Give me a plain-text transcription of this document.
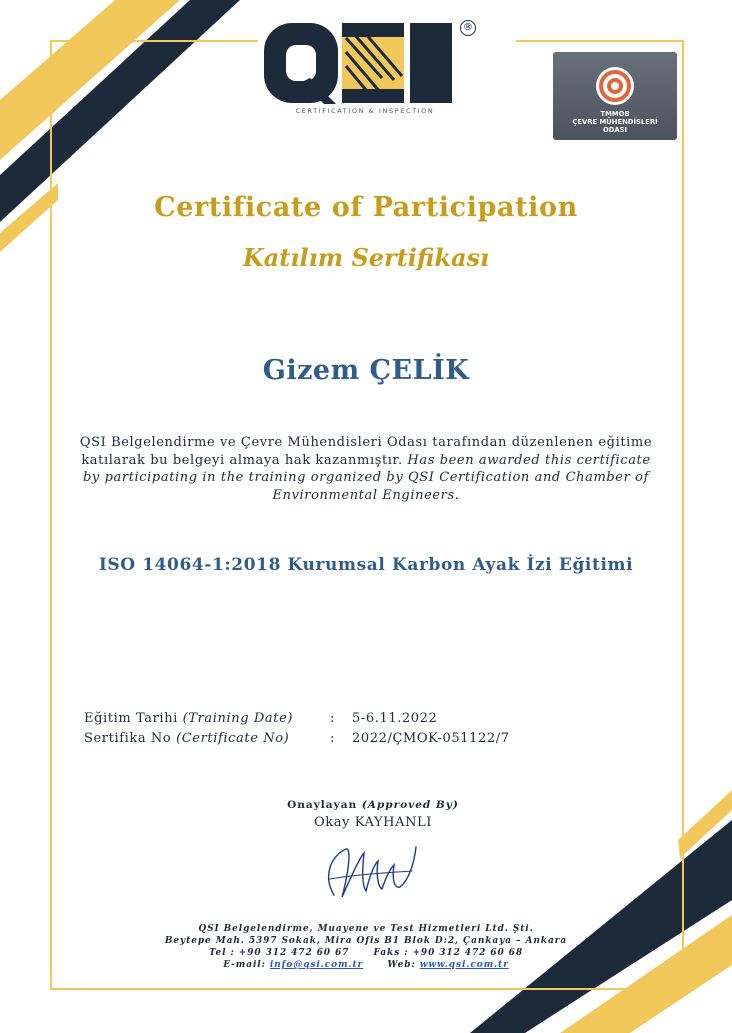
®
CERTIFICATION & INSPECTION	TMMOB
ÇEVRE MÜHENDİSLERİ
ODASI
Certificate of Participation
Katılım Sertifikası
Gizem ÇELİK
QSI Belgelendirme ve Çevre Mühendisleri Odası tarafından düzenlenen eğitime katılarak bu belgeyi almaya hak kazanmıştır. Has been awarded this certificate by participating in the training organized by QSI Certification and Chamber of Environmental Engineers.
ISO 14064-1:2018 Kurumsal Karbon Ayak İzi Eğitimi
Eğitim Tarihi (Training Date)	: 5-6.11.2022
Sertifika No (Certificate No)	: 2022/ÇMOK-051122/7
Onaylayan (Approved By)
Okay KAYHANLI
QSI Belgelendirme, Muayene ve Test Hizmetleri Ltd. Şti.
Beytepe Mah. 5397 Sokak, Mira Ofis B1 Blok D:2, Çankaya – Ankara
Tel : +90 312 472 60 67	Faks : +90 312 472 60 68
E-mail: info@qsi.com.tr	Web: www.qsi.com.tr
